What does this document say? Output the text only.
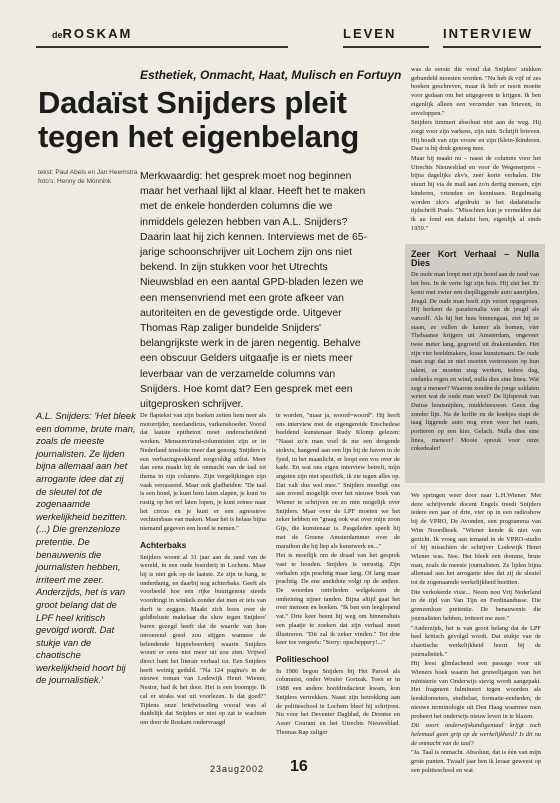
deROSKAM	LEVEN	INTERVIEW
Esthetiek, Onmacht, Haat, Mulisch en Fortuyn
Dadaïst Snijders pleit tegen het eigenbelang
tekst: Paul Abels en Jan Heemstra
foto's: Henny de Mönnink	Merkwaardig: het gesprek moet nog beginnen maar het verhaal lijkt al klaar. Heeft het te maken met de enkele honderden columns die we inmiddels gelezen hebben van A.L. Snijders? Daarin laat hij zich kennen. Interviews met de 65-jarige schoonschrijver uit Lochem zijn ons niet bekend. In zijn stukken voor het Utrechts Nieuwsblad en een aantal GPD-bladen lezen we een mensenvriend met een grote afkeer van autoriteiten en de gevestigde orde. Uitgever Thomas Rap zaliger bundelde Snijders' belangrijkste werk in de jaren negentig. Behalve een obscuur Gelders uitgaafje is er niets meer leverbaar van de verzamelde columns van Snijders. Hoe komt dat? Een gesprek met een uitgeprosken schrijver.
A.L. Snijders: 'Het bleek een domme, brute man, zoals de meeste journalisten. Ze lijden bijna allemaal aan het arrogante idee dat zij de sleutel tot de zogenaamde werkelijkheid bezitten. (...) Die grenzenloze pretentie. De benauwenis die journalisten hebben, irriteert me zeer. Anderzijds, het is van groot belang dat de LPF heel kritisch gevolgd wordt. Dat stukje van de chaotische werkelijkheid hoort bij de journalistiek.'

De flaptekst van zijn boeken zetten hem neer als motorrijder, neerlandicus, varkenshoeder. Vooral dat laatste epitheton moet onderscheidend werken. Mensenvriend-columnisten zijn er in Nederland tenslotte meer dan genoeg. Snijders is een verbazingwekkend zorgvuldig stilist. Meer dan eens maakt hij de onmacht van de taal tot thema in zijn columns. Zijn vergelijkingen zijn vaak verrassend. Maar ook gladheiden: "De taal is een hond, je kunt hem laten slapen, je kunt 'm rustig op het erf laten lopen, je kunt ermee naar het circus en je kunt er een agressieve vechtersbaas van maken. Maar het is helaas bijna niemand gegeven een hond te nemen."

Achterbaks

Snijders woont al 31 jaar aan de rand van de wereld, in een oude boerderij in Lochem. Maar hij is niet gek op de laatste. Ze zijn te bang, te onderdanig, en daarbij nog achterbaks. Geeft als voorbeeld hoe een rijke buurtgenote steeds voordringt in winkels zonder dat men er iets van durft te zeggen. Maakt zich boos over de geldbeluste makelaar die sluw tegen Snijders' buren gezegd heeft dat de waarde van hun onroerend goed zou stijgen wanneer de belendende hippieboerderij waarin Snijders woont er eens niet meer uit zou zien. Vrijwel direct bant het literair verhaal tot. Een Snijders heeft weinig geduld. "Na 124 pagina's in de nieuwe roman van Lodewijk Henri Wiener, Nestor, had ik het door. Het is een boompje. Ik cal er straks wat uit voorlezen. Is dat goed?" Tijdens onze briefwisseling vooraf was al duidelijk dat Snijders er niet op zat te wachten om door de Roskam ondervraagd

te worden, "maar ja, woord=woord". Hij heeft ons interview met de eigengereide Enschedese beeldend kunstenaar Rudy Klomp gelezen: "Naast zo'n man voel ik me een drogende stokvis, hangend aan een lijn bij de haven in de fjord, in het maanlicht, er loopt een vos over de kade. En wat ons eigen interview betreft, mijn angsten zijn niet specifiek, ik zie tegen alles op. Dat valt dus wel mee." Snijders moedigt ons aan zoveel mogelijk over het nieuwe boek van Wiener te schrijven en zo min mogelijk over Snijders. Maar over de LPF moeten we het zeker hebben en "graag ook wat over mijn zoon Gijs, die kunstenaar is. Pasgeleden speelt hij met de Groene Amsterdammer over de marathon die hij liep als kunstwerk en..."

Het is moeilijk om de draad van het gesprek vast te houden. Snijders is onrustig. Zijn verhalen zijn prachtig maar lang. Of lang maar prachtig. De ene anekdote volgt op de andere. De woorden ontvlieden welgekozen de omheining zijner tanden. Bijna altijd gaat het over mensen en boeken. "Ik ben een leeglopend vat." Drie keer beent hij weg om binnenshuis een plaatje te zoeken dat zijn verhaal moet illustreren. "Dit zal ik zeker vinden." Tot drie keer toe vergeefs: "Sorry: opscheppery!..."

Politieschool

In 1986 begon Snijders bij Het Parool als columnist, onder Wouter Gortzak. Toen er in 1988 een andere hoofdredacteur kwam, kon Snijders vertrekken. Naast zijn betrekking aan de politieschool te Lochem bleef hij schrijven. Nu voor het Deventer Dagblad, de Drentse en Asser Courant en het Utrechts Nieuwsblad. Thomas Rap zaliger

was de eerste die vond dat Snijders' stukken gebundeld moesten worden. "Nu heb ik vijf of zes boeken geschreven, maar ik heb er nooit moeite voor gedaan om het uitgegeven te krijgen. Ik ben eigenlijk alleen een verzender van brieven, in enveloppen."

Snijders timmert absoluut niet aan de weg. Hij zorgt voor zijn varkens, zijn tuin. Schrijft brieven. Hij houdt van zijn vrouw en zijn (klein-)kinderen. Daar is hij druk genoeg mee.

Maar hij maakt nu – naast de columns voor het Utrechts Nieuwsblad en voor de Wegenerpers – bijna dagelijks zkv's, zeer korte verhalen. Die stuurt hij via de mail aan zo'n dertig mensen, zijn kinderen, vrienden en kennissen. Regelmatig worden zkv's afgedrukt in het dadaïstische tijdschrift Prado. "Misschien kun je vermelden dat ik au fond een dadaïst ben, eigenlijk al sinds 1959."

Zeer Kort Verhaal – Nulla Dies

De oude man loopt met zijn hond aan de rand van het bos. In de verte ligt zijn huis. Hij ziet het. Er komt met zwier een dieplliggende auto aanrijden, Jeugd. De oude man heeft zijn verzet opgegeven. Hij herkent de parafernalia van de jeugd als vanzelf. Als hij het huis binnengaat, ziet hij ze staan, ze vullen de kamer als bomen, vier Thebaanse krijgers uit Amsterdam, ongeveer twee meter lang, gegroeid uit drakentanden. Het zijn vier beeldmakers, losse kunstenaars. De oude man zegt dat ze niet moeten vertrouwen op hun talent, ze moeten stug werken, iedere dag, ondanks regen en wind, nulla dies sine linea. Wat zegt u meneer? Waarom zouden de jonge soldaten weten wat de oude man weet? De lijfspreuk van Duitse houtsnijders, middeleeuwen. Geen dag zonder lijn. Na de koffie en de koekjes stapt de taag liggende auto nog even voor het raam, portieren op een kier. Gelach. Nulla dies sine linea, meneer? Mooie spreuk voor onze cokedealer!

We springen weer door naar L.H.Wiener. Met deze schrijvende docent Engels treedt Snijders iedere een jaar of drie, vier op in een radioshow bij de VPRO, De Avonden, een programma van Wim Noordhoek. "Wiener kende ik niet van gezicht. Ik vroeg aan iemand in de VPRO-studio of hij misschien de schrijver Lodewijk Henri Wiener was. Nee. Het bleek een domme, brute man, zoals de meeste journalisten. Ze lijden bijna allemaal aan het arrogante idee dat zij de sleutel tot de zogenaamde werkelijkheid bezitten.

Die verkokerde visie... Neem nou Vrij Nederland in de tijd van Van Tijn en Ferdinandusse. Die grenzenloze pretentie. De benauwenis die journalisten hebben, irriteert me zeer."

"Anderzijds, het is van groot belang dat de LPF heel kritisch gevolgd wordt. Dat stukje van de chaotische werkelijkheid hoort bij de journalistiek."

Hij leest glimlachend een passage voor uit Wieners boek waarin het gruwelijargon van het ministerie van Onderwijs stevig wordt aangepakt. Het fragment fulmineert tegen woorden als leeskilometers, studielast, formatie-eenheden, de nieuwe terminologie uit Den Haag waarmee men probeert het onderwijs nieuw leven in te blazen.

Dit soort onderwijskundigentaal krijgt toch helemaal geen grip op de werkelijkheid? Is dit nu de onmacht van de taal?

"Ja. Taal is onmacht. Absoluut, dat is één van mijn grote punten. Twaalf jaar ben ik leraar geweest op een politieschool en wat

23aug2002 16
